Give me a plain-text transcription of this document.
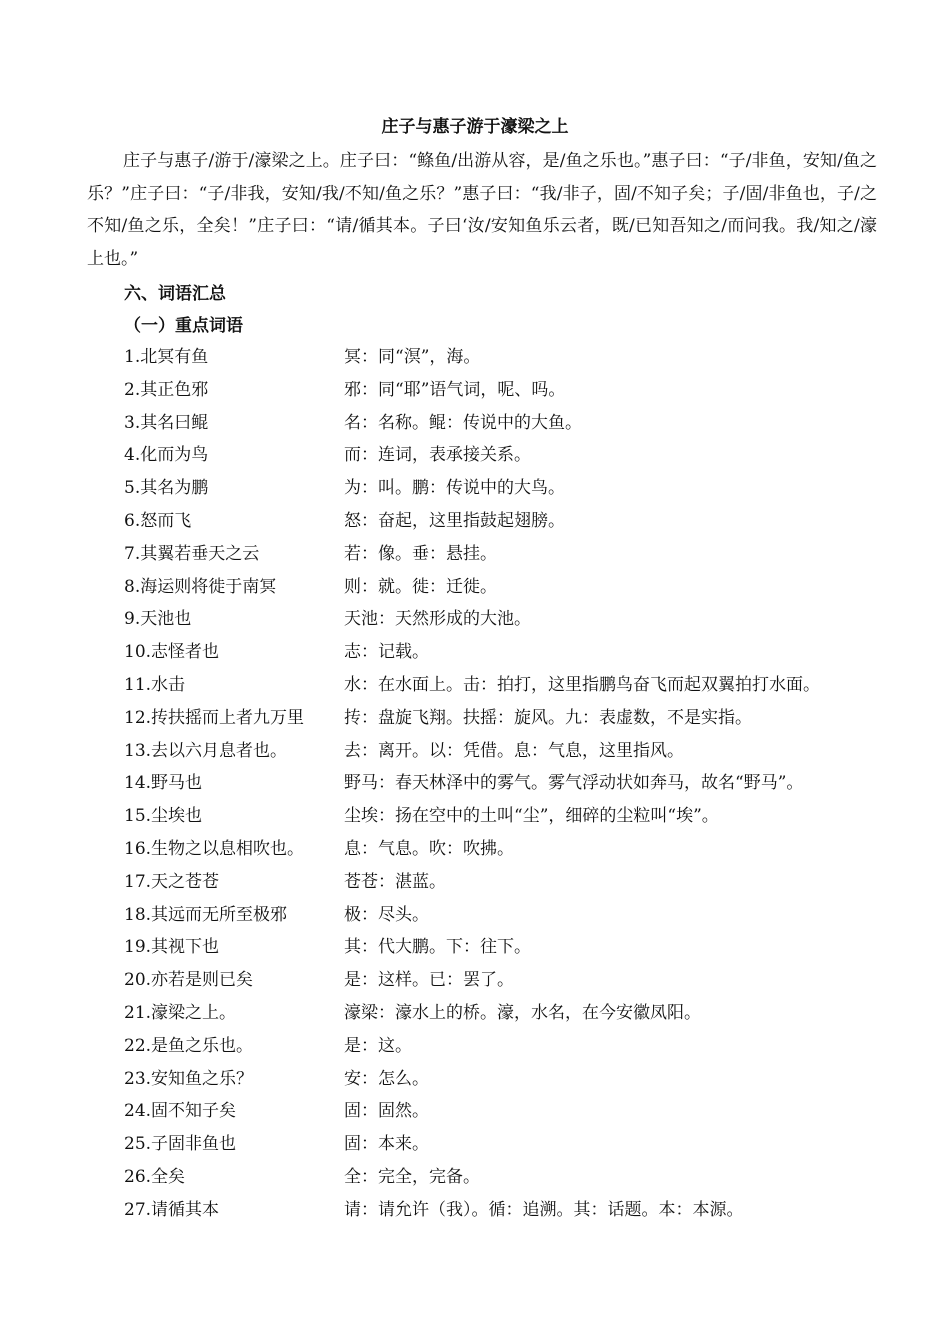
庄子与惠子游于濠梁之上

庄子与惠子/游于/濠梁之上。庄子曰：“鲦鱼/出游从容，是/鱼之乐也。”惠子曰：“子/非鱼，安知/鱼之乐？”庄子曰：“子/非我，安知/我/不知/鱼之乐？”惠子曰：“我/非子，固/不知子矣；子/固/非鱼也，子/之不知/鱼之乐，全矣！”庄子曰：“请/循其本。子曰‘汝/安知鱼乐云者，既/已知吾知之/而问我。我/知之/濠上也。”

六、词语汇总
（一）重点词语
1.北冥有鱼	冥：同“溟”，海。
2.其正色邪	邪：同“耶”语气词，呢、吗。
3.其名曰鲲	名：名称。鲲：传说中的大鱼。
4.化而为鸟	而：连词，表承接关系。
5.其名为鹏	为：叫。鹏：传说中的大鸟。
6.怒而飞	怒：奋起，这里指鼓起翅膀。
7.其翼若垂天之云	若：像。垂：悬挂。
8.海运则将徙于南冥	则：就。徙：迁徙。
9.天池也	天池：天然形成的大池。
10.志怪者也	志：记载。
11.水击	水：在水面上。击：拍打，这里指鹏鸟奋飞而起双翼拍打水面。
12.抟扶摇而上者九万里 抟：盘旋飞翔。扶摇：旋风。九：表虚数，不是实指。
13.去以六月息者也。	去：离开。以：凭借。息：气息，这里指风。
14.野马也	野马：春天林泽中的雾气。雾气浮动状如奔马，故名“野马”。
15.尘埃也	尘埃：扬在空中的土叫“尘”，细碎的尘粒叫“埃”。
16.生物之以息相吹也。 息：气息。吹：吹拂。
17.天之苍苍	苍苍：湛蓝。
18.其远而无所至极邪	极：尽头。
19.其视下也	其：代大鹏。下：往下。
20.亦若是则已矣	是：这样。已：罢了。
21.濠梁之上。	濠梁：濠水上的桥。濠，水名，在今安徽凤阳。
22.是鱼之乐也。	是：这。
23.安知鱼之乐？	安：怎么。
24.固不知子矣	固：固然。
25.子固非鱼也	固：本来。
26.全矣	全：完全，完备。
27.请循其本	请：请允许（我）。循：追溯。其：话题。本：本源。
